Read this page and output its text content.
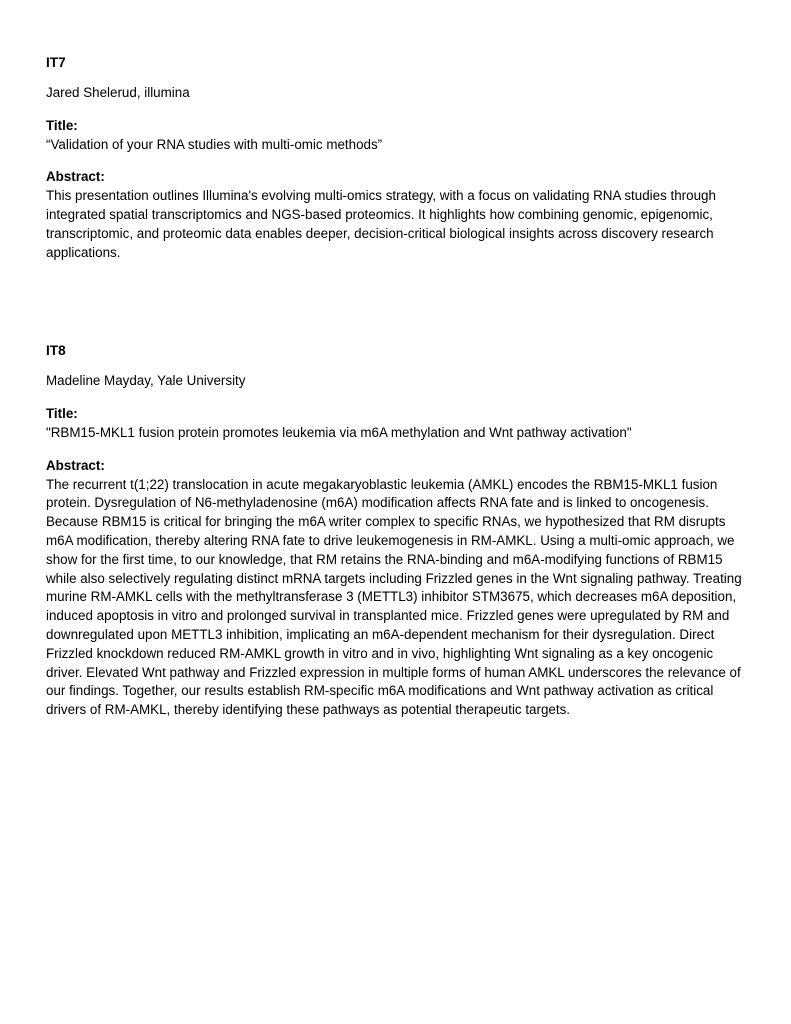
IT7

Jared Shelerud, illumina

Title:

“Validation of your RNA studies with multi-omic methods”

Abstract:

This presentation outlines Illumina's evolving multi-omics strategy, with a focus on validating RNA studies through integrated spatial transcriptomics and NGS-based proteomics. It highlights how combining genomic, epigenomic, transcriptomic, and proteomic data enables deeper, decision-critical biological insights across discovery research applications.

IT8

Madeline Mayday, Yale University

Title:

"RBM15-MKL1 fusion protein promotes leukemia via m6A methylation and Wnt pathway activation"

Abstract:

The recurrent t(1;22) translocation in acute megakaryoblastic leukemia (AMKL) encodes the RBM15-MKL1 fusion protein. Dysregulation of N6-methyladenosine (m6A) modification affects RNA fate and is linked to oncogenesis. Because RBM15 is critical for bringing the m6A writer complex to specific RNAs, we hypothesized that RM disrupts m6A modification, thereby altering RNA fate to drive leukemogenesis in RM-AMKL. Using a multi-omic approach, we show for the first time, to our knowledge, that RM retains the RNA-binding and m6A-modifying functions of RBM15 while also selectively regulating distinct mRNA targets including Frizzled genes in the Wnt signaling pathway. Treating murine RM-AMKL cells with the methyltransferase 3 (METTL3) inhibitor STM3675, which decreases m6A deposition, induced apoptosis in vitro and prolonged survival in transplanted mice. Frizzled genes were upregulated by RM and downregulated upon METTL3 inhibition, implicating an m6A-dependent mechanism for their dysregulation. Direct Frizzled knockdown reduced RM-AMKL growth in vitro and in vivo, highlighting Wnt signaling as a key oncogenic driver. Elevated Wnt pathway and Frizzled expression in multiple forms of human AMKL underscores the relevance of our findings. Together, our results establish RM-specific m6A modifications and Wnt pathway activation as critical drivers of RM-AMKL, thereby identifying these pathways as potential therapeutic targets.
